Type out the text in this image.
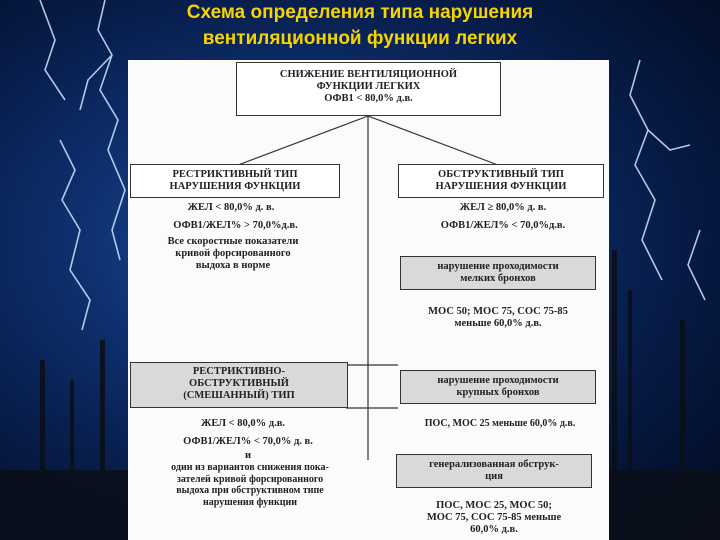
Схема определения типа нарушения
вентиляционной функции легких
СНИЖЕНИЕ ВЕНТИЛЯЦИОННОЙ
ФУНКЦИИ ЛЕГКИХ
ОФВ1 < 80,0% д.в.
РЕСТРИКТИВНЫЙ ТИП
НАРУШЕНИЯ ФУНКЦИИ
ЖЕЛ < 80,0% д. в.
ОФВ1/ЖЕЛ% > 70,0%д.в.
Все скоростные показатели
кривой форсированного
выдоха в норме
ОБСТРУКТИВНЫЙ ТИП
НАРУШЕНИЯ ФУНКЦИИ
ЖЕЛ ≥ 80,0% д. в.
ОФВ1/ЖЕЛ% < 70,0%д.в.
нарушение проходимости
мелких бронхов
МОС 50; МОС 75, СОС 75-85
меньше 60,0% д.в.
РЕСТРИКТИВНО-
ОБСТРУКТИВНЫЙ
(СМЕШАННЫЙ) ТИП
нарушение проходимости
крупных бронхов
ЖЕЛ < 80,0% д.в.	ПОС, МОС 25 меньше 60,0% д.в.
ОФВ1/ЖЕЛ% < 70,0% д. в.
и
один из вариантов снижения пока-
зателей кривой форсированного
выдоха при обструктивном типе
нарушения функции
генерализованная обструк-
ция
ПОС, МОС 25, МОС 50;
МОС 75, СОС 75-85 меньше
60,0% д.в.
